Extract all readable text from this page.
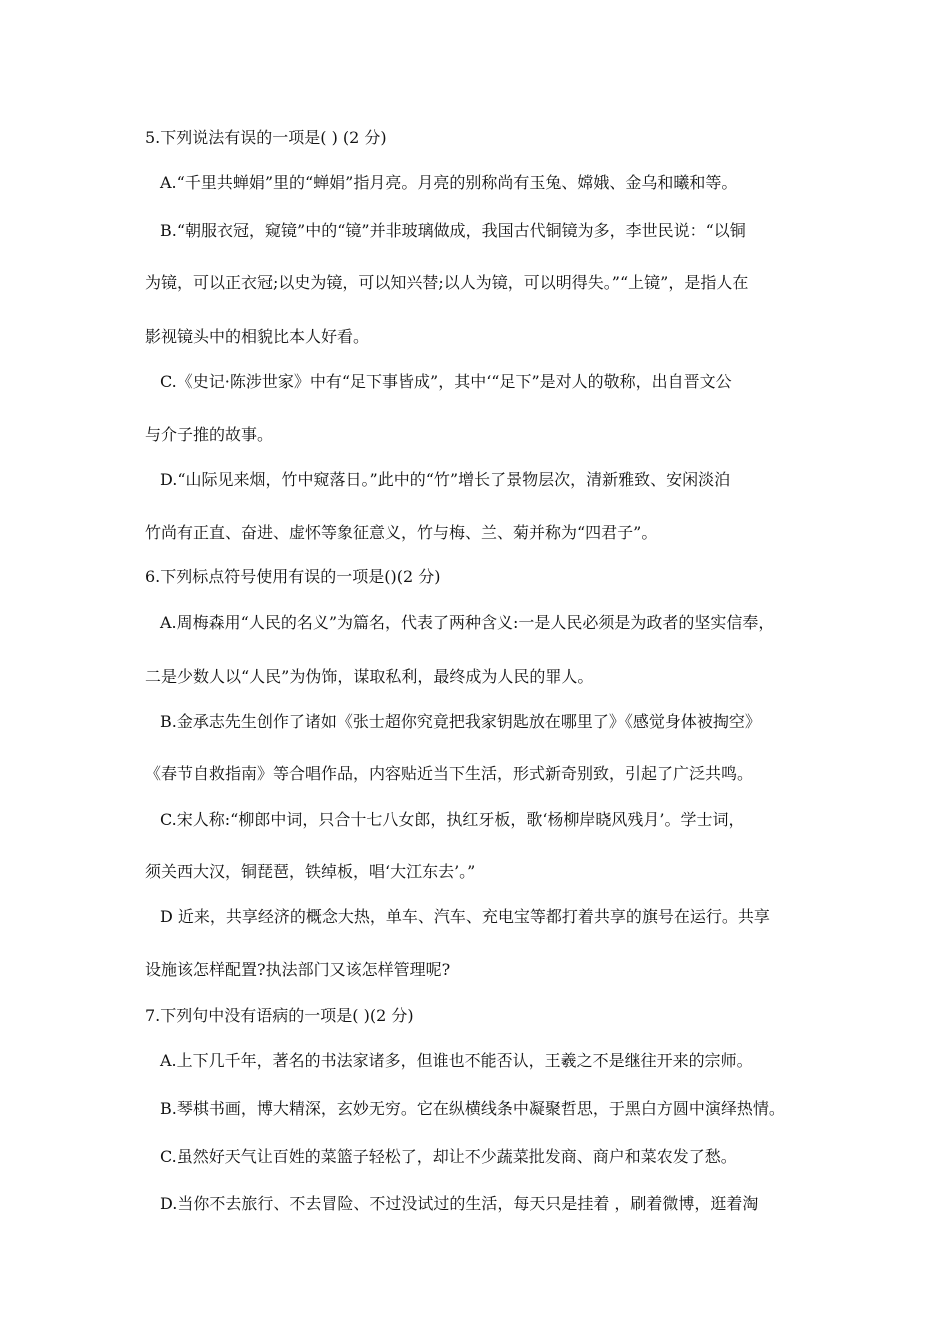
5.下列说法有误的一项是( ) (2 分)

A.“千里共蝉娟”里的“蝉娟”指月亮。月亮的别称尚有玉兔、嫦娥、金乌和曦和等。

B.“朝服衣冠，窥镜”中的“镜”并非玻璃做成，我国古代铜镜为多，李世民说：“以铜

为镜，可以正衣冠;以史为镜，可以知兴替;以人为镜，可以明得失。”“上镜”，是指人在

影视镜头中的相貌比本人好看。

C.《史记·陈涉世家》中有“足下事皆成”，其中‘“足下”是对人的敬称，出自晋文公

与介子推的故事。

D.“山际见来烟，竹中窥落日。”此中的“竹”增长了景物层次，清新雅致、安闲淡泊

竹尚有正直、奋进、虚怀等象征意义，竹与梅、兰、菊并称为“四君子”。

6.下列标点符号使用有误的一项是()(2 分)

A.周梅森用“人民的名义”为篇名，代表了两种含义:一是人民必须是为政者的坚实信奉，

二是少数人以“人民”为伪饰，谋取私利，最终成为人民的罪人。

B.金承志先生创作了诸如《张士超你究竟把我家钥匙放在哪里了》《感觉身体被掏空》

《春节自救指南》等合唱作品，内容贴近当下生活，形式新奇别致，引起了广泛共鸣。

C.宋人称:“柳郎中词，只合十七八女郎，执红牙板，歌‘杨柳岸晓风残月’。学士词，

须关西大汉，铜琵琶，铁绰板，唱‘大江东去’。”

D 近来，共享经济的概念大热，单车、汽车、充电宝等都打着共享的旗号在运行。共享

设施该怎样配置?执法部门又该怎样管理呢?

7.下列句中没有语病的一项是( )(2 分)

A.上下几千年，著名的书法家诸多，但谁也不能否认，王羲之不是继往开来的宗师。

B.琴棋书画，博大精深，玄妙无穷。它在纵横线条中凝聚哲思，于黑白方圆中演绎热情。

C.虽然好天气让百姓的菜篮子轻松了，却让不少蔬菜批发商、商户和菜农发了愁。

D.当你不去旅行、不去冒险、不过没试过的生活，每天只是挂着 ，刷着微博，逛着淘
